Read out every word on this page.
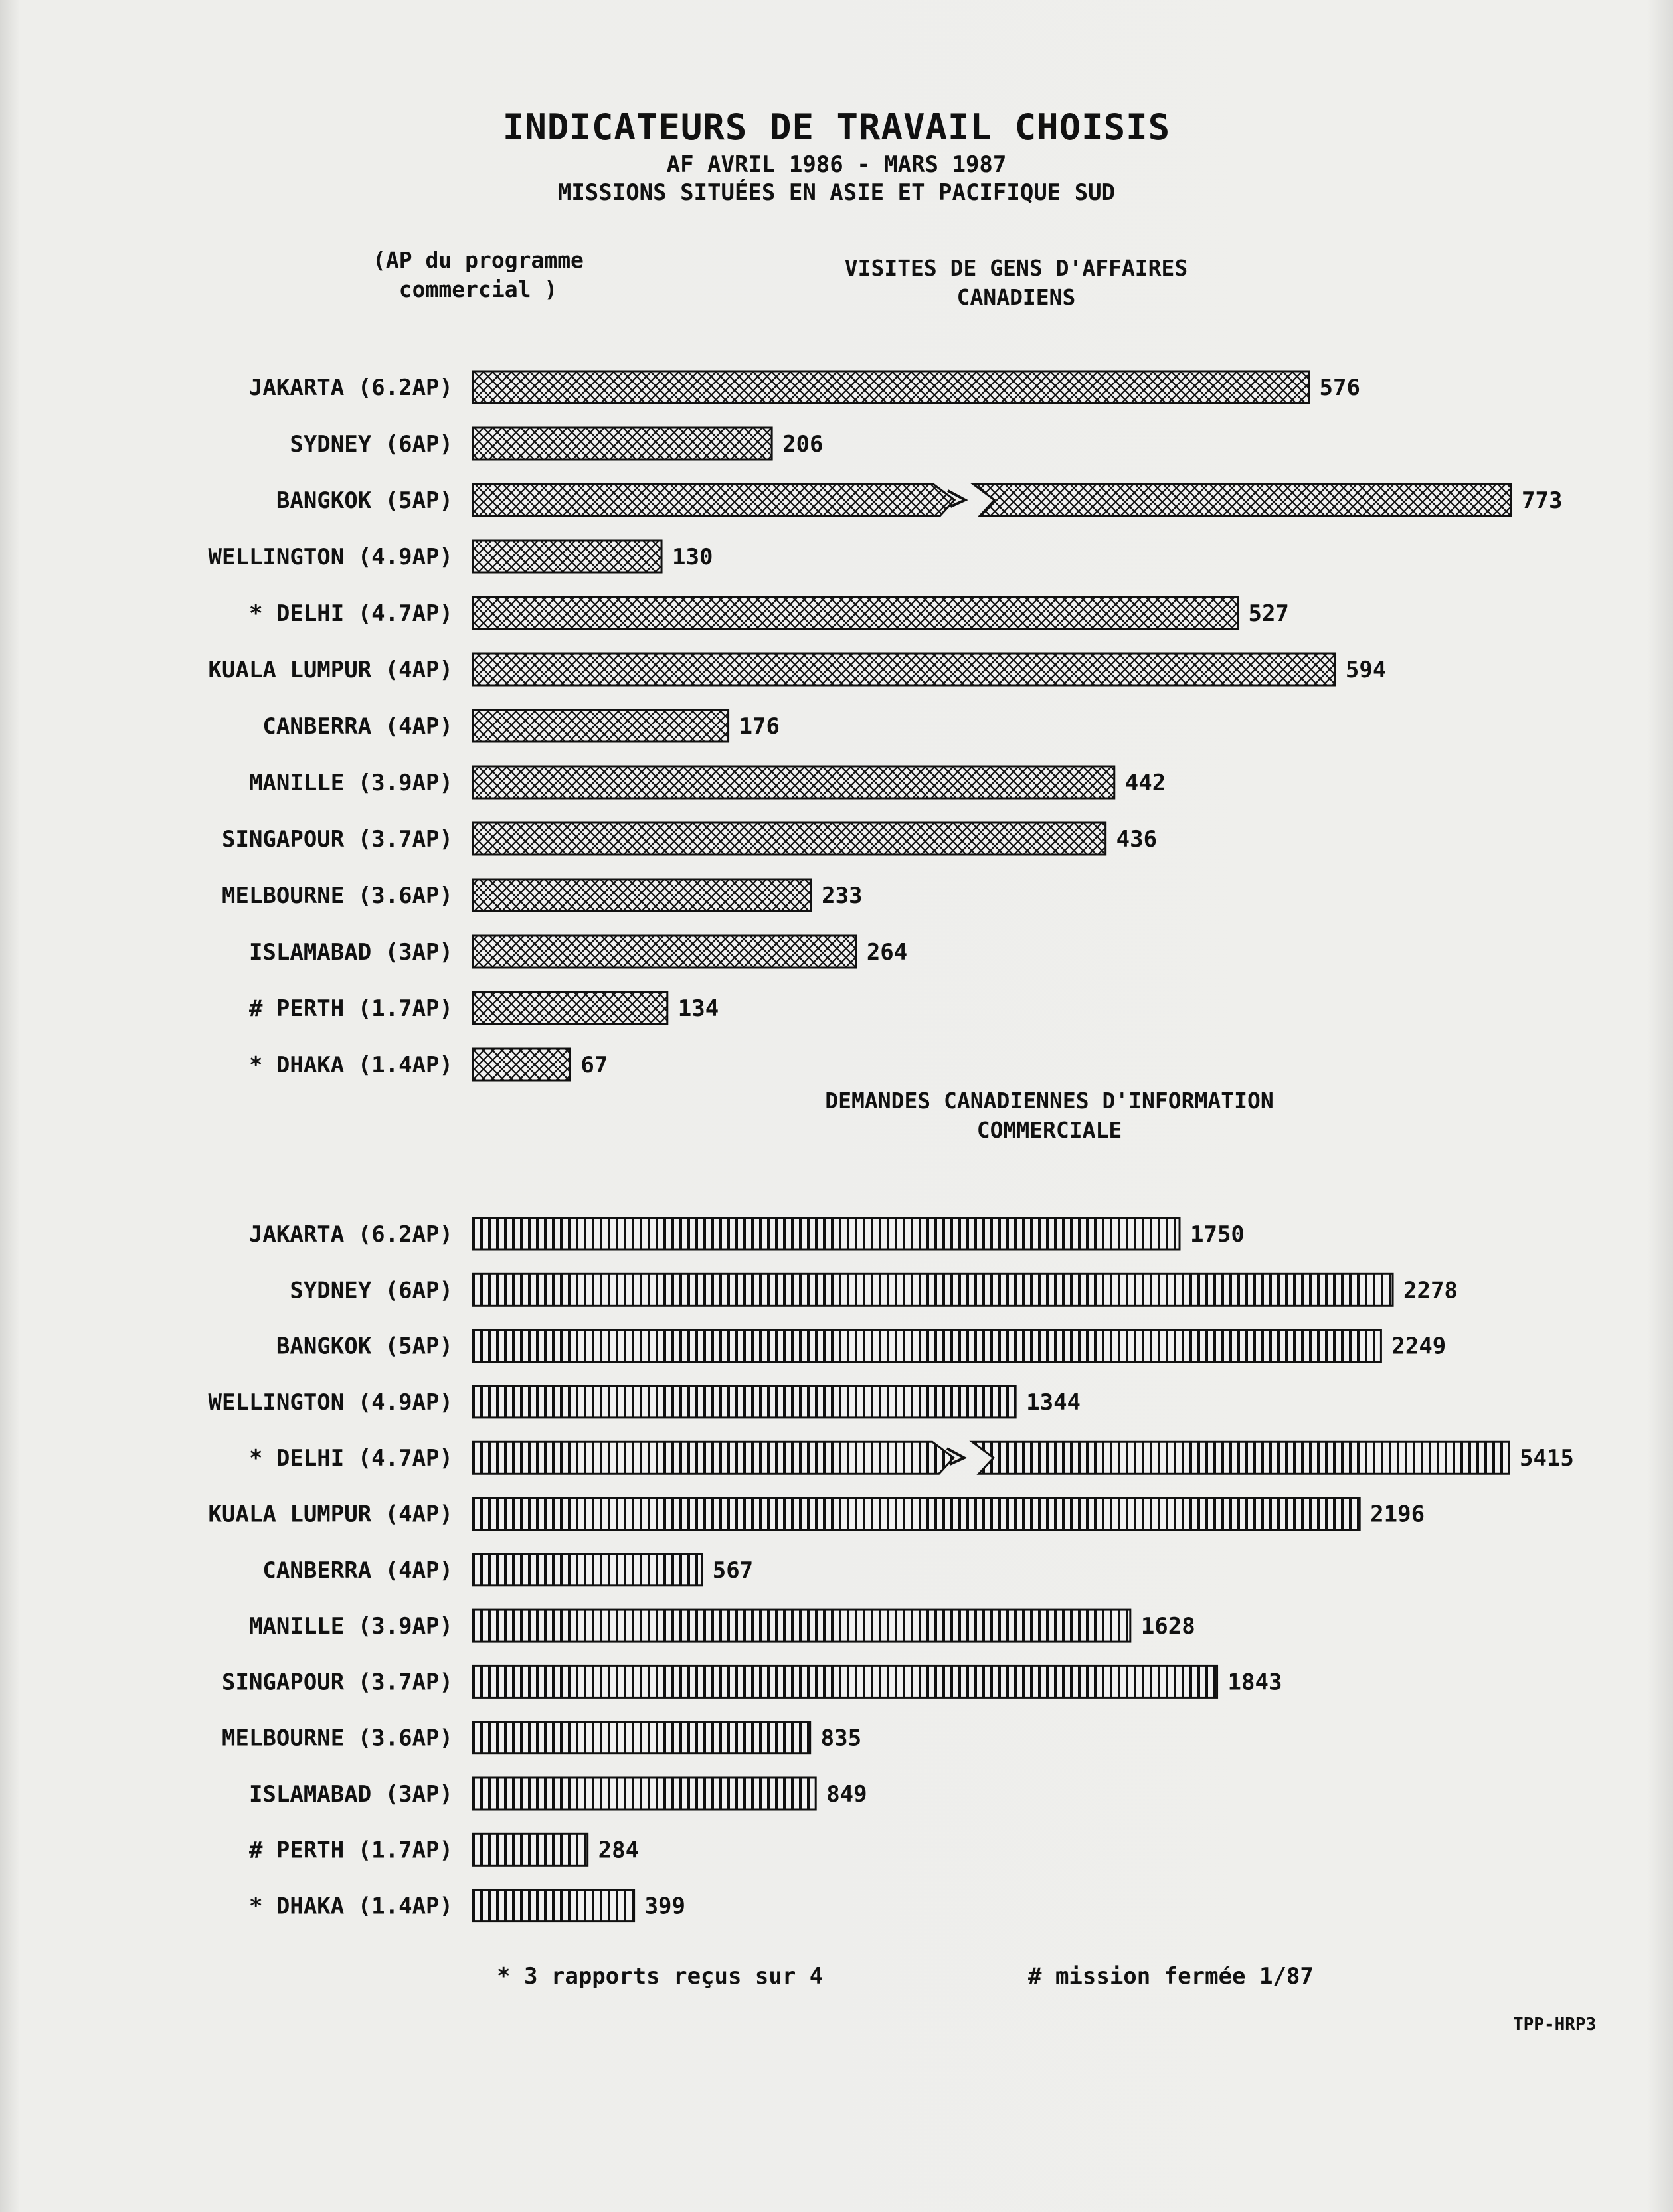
INDICATEURS DE TRAVAIL CHOISIS
AF AVRIL 1986 - MARS 1987
MISSIONS SITUÉES EN ASIE ET PACIFIQUE SUD
(AP du programme commercial )
VISITES DE GENS D'AFFAIRES CANADIENS
DEMANDES CANADIENNES D'INFORMATION COMMERCIALE
JAKARTA (6.2AP)	576
SYDNEY (6AP)	206
BANGKOK (5AP)	773
WELLINGTON (4.9AP)	130
* DELHI (4.7AP)	527
KUALA LUMPUR (4AP)	594
CANBERRA (4AP)	176
MANILLE (3.9AP)	442
SINGAPOUR (3.7AP)	436
MELBOURNE (3.6AP)	233
ISLAMABAD (3AP)	264
# PERTH (1.7AP)	134
* DHAKA (1.4AP)	67
JAKARTA (6.2AP)	1750
SYDNEY (6AP)	2278
BANGKOK (5AP)	2249
WELLINGTON (4.9AP)	1344
* DELHI (4.7AP)	5415
KUALA LUMPUR (4AP)	2196
CANBERRA (4AP)	567
MANILLE (3.9AP)	1628
SINGAPOUR (3.7AP)	1843
MELBOURNE (3.6AP)	835
ISLAMABAD (3AP)	849
# PERTH (1.7AP)	284
* DHAKA (1.4AP)	399
* 3 rapports reçus sur 4	# mission fermée 1/87
TPP-HRP3
